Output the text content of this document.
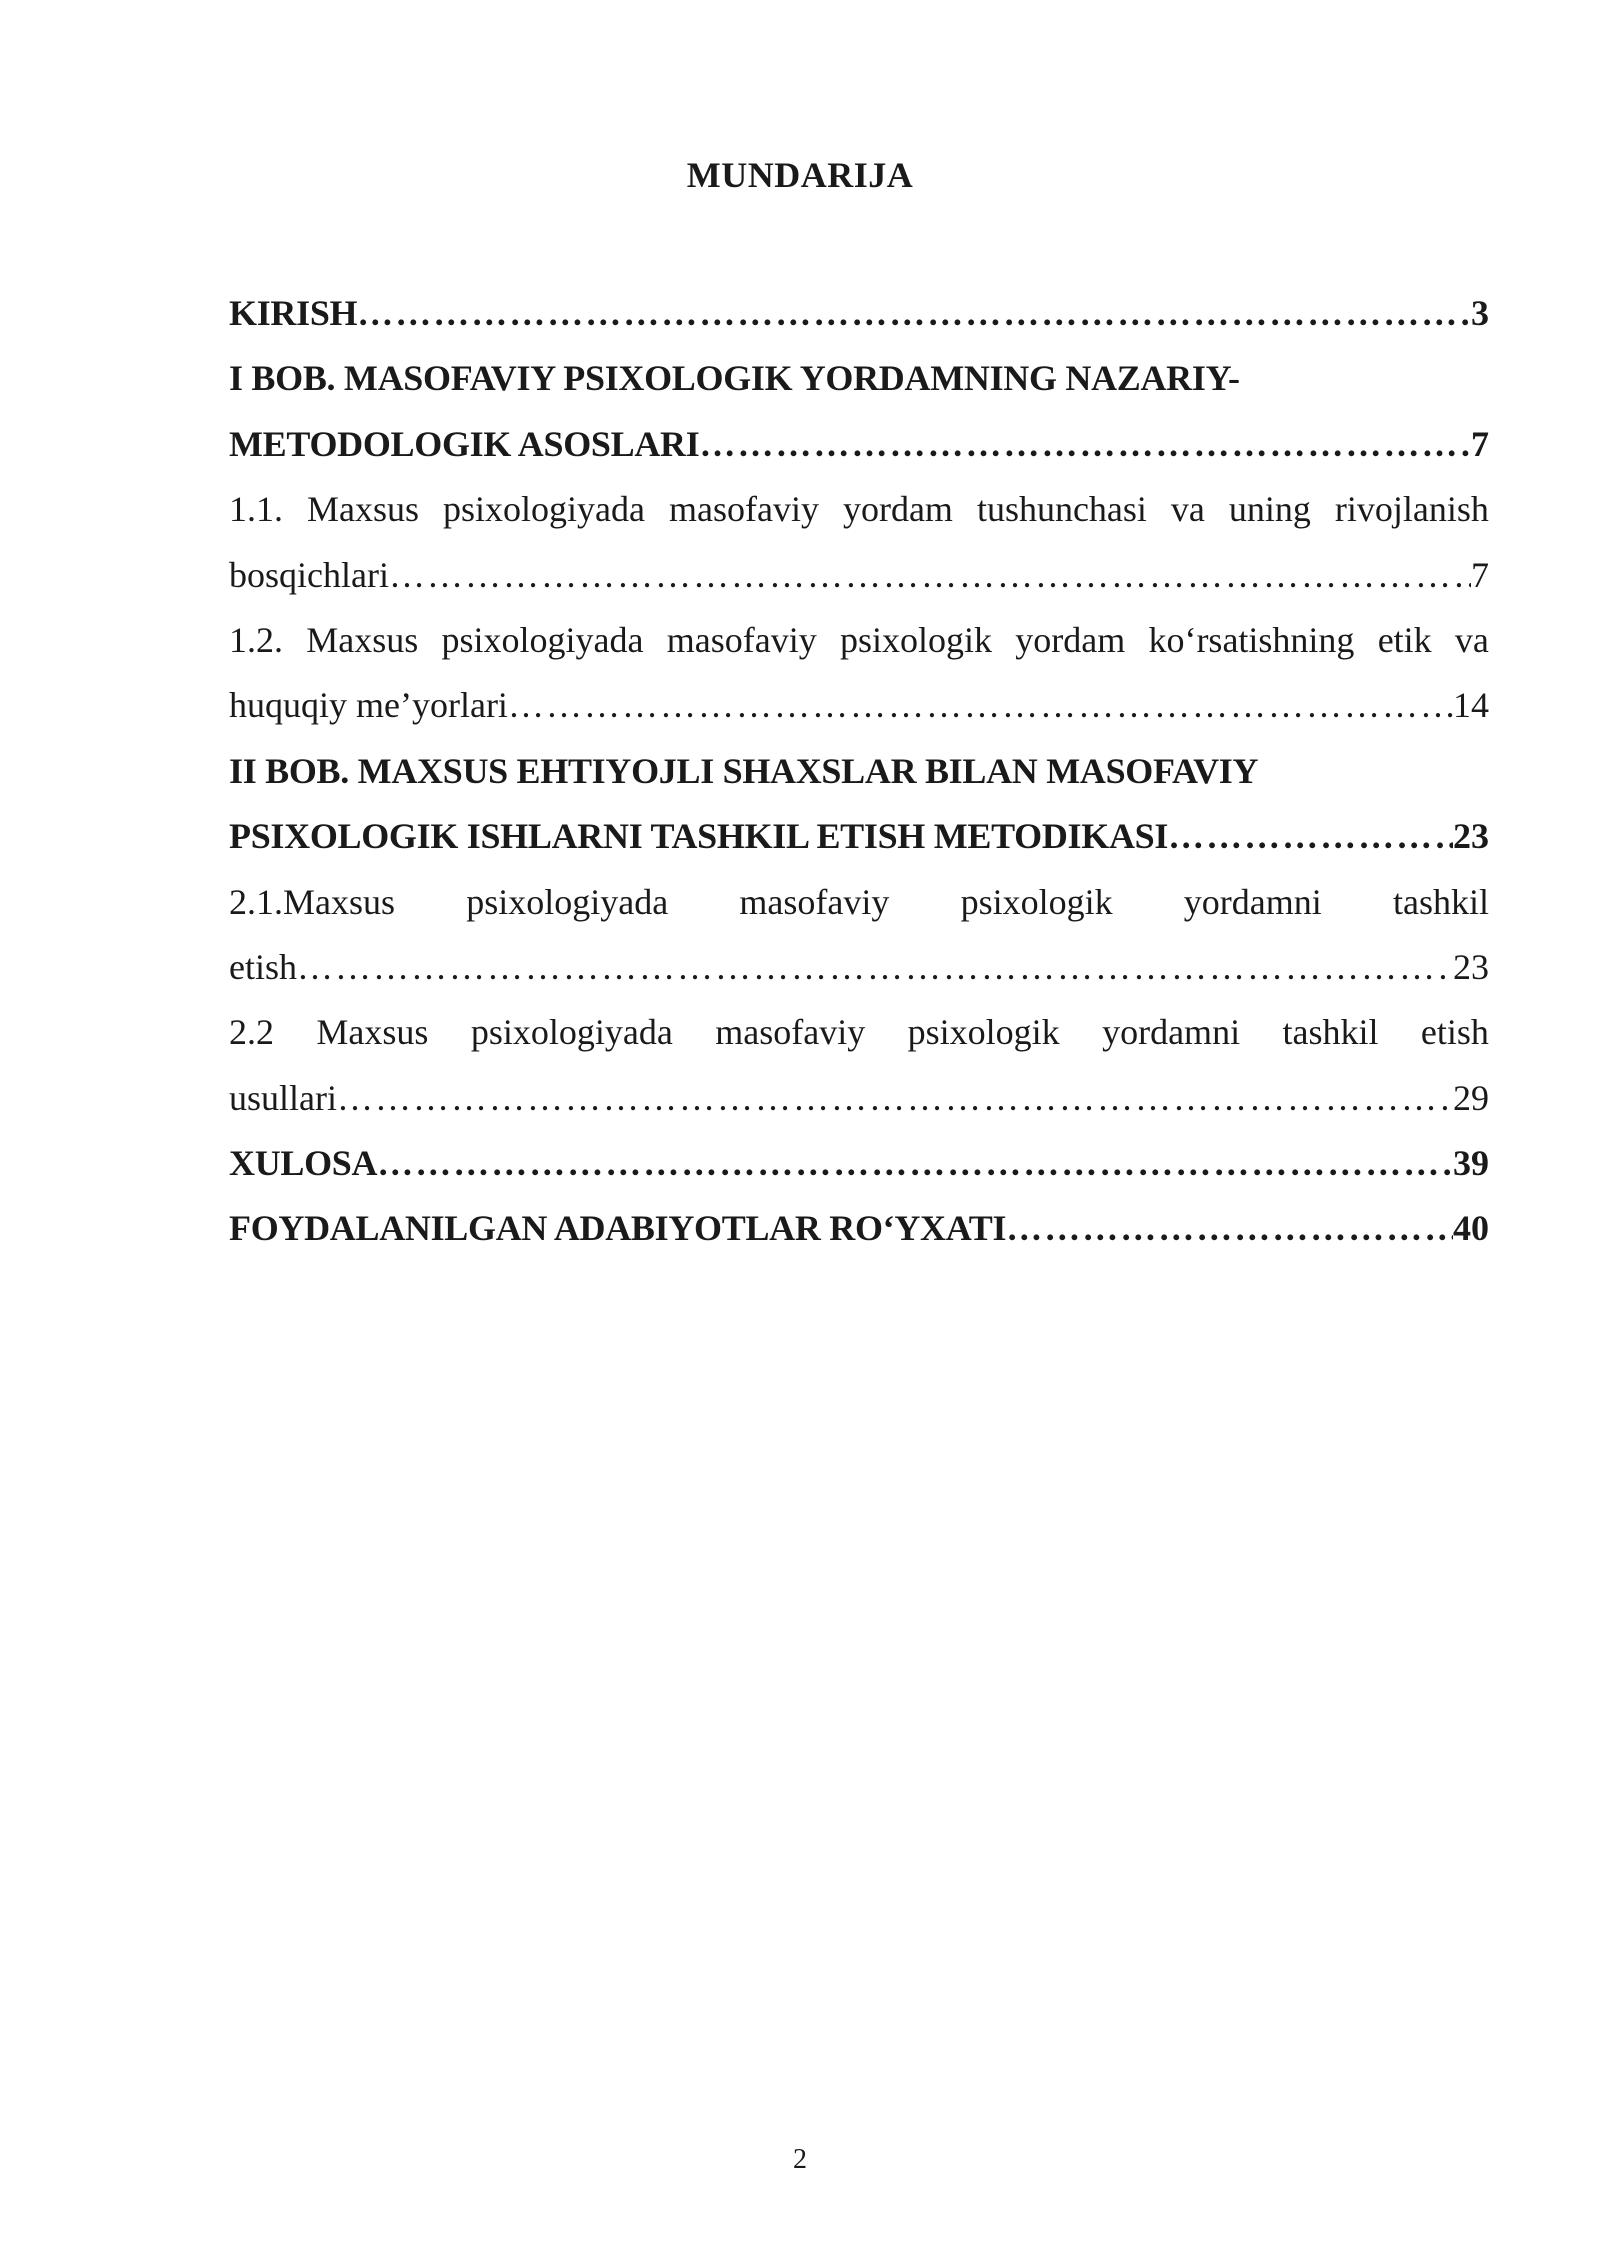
MUNDARIJA
KIRISH …………………………………………………………………………………………………………………………………………………………………	3
I BOB. MASOFAVIY PSIXOLOGIK YORDAMNING NAZARIY-
METODOLOGIK ASOSLARI …………………………………………………………………………………………………………………………………………………………………	7
1.1. Maxsus psixologiyada masofaviy yordam tushunchasi va uning rivojlanish
bosqichlari …………………………………………………………………………………………………………………………………………………………………	7
1.2. Maxsus psixologiyada masofaviy psixologik yordam ko‘rsatishning etik va
huquqiy me’yorlari …………………………………………………………………………………………………………………………………………………………………	14
II BOB. MAXSUS EHTIYOJLI SHAXSLAR BILAN MASOFAVIY
PSIXOLOGIK ISHLARNI TASHKIL ETISH METODIKASI …………………………………………………………………………………………………………………………………………………………………	23
2.1.Maxsus psixologiyada masofaviy psixologik yordamni tashkil
etish …………………………………………………………………………………………………………………………………………………………………	23
2.2 Maxsus psixologiyada masofaviy psixologik yordamni tashkil etish
usullari …………………………………………………………………………………………………………………………………………………………………	29
XULOSA …………………………………………………………………………………………………………………………………………………………………	39
FOYDALANILGAN ADABIYOTLAR RO‘YXATI …………………………………………………………………………………………………………………………………………………………………	40
2
